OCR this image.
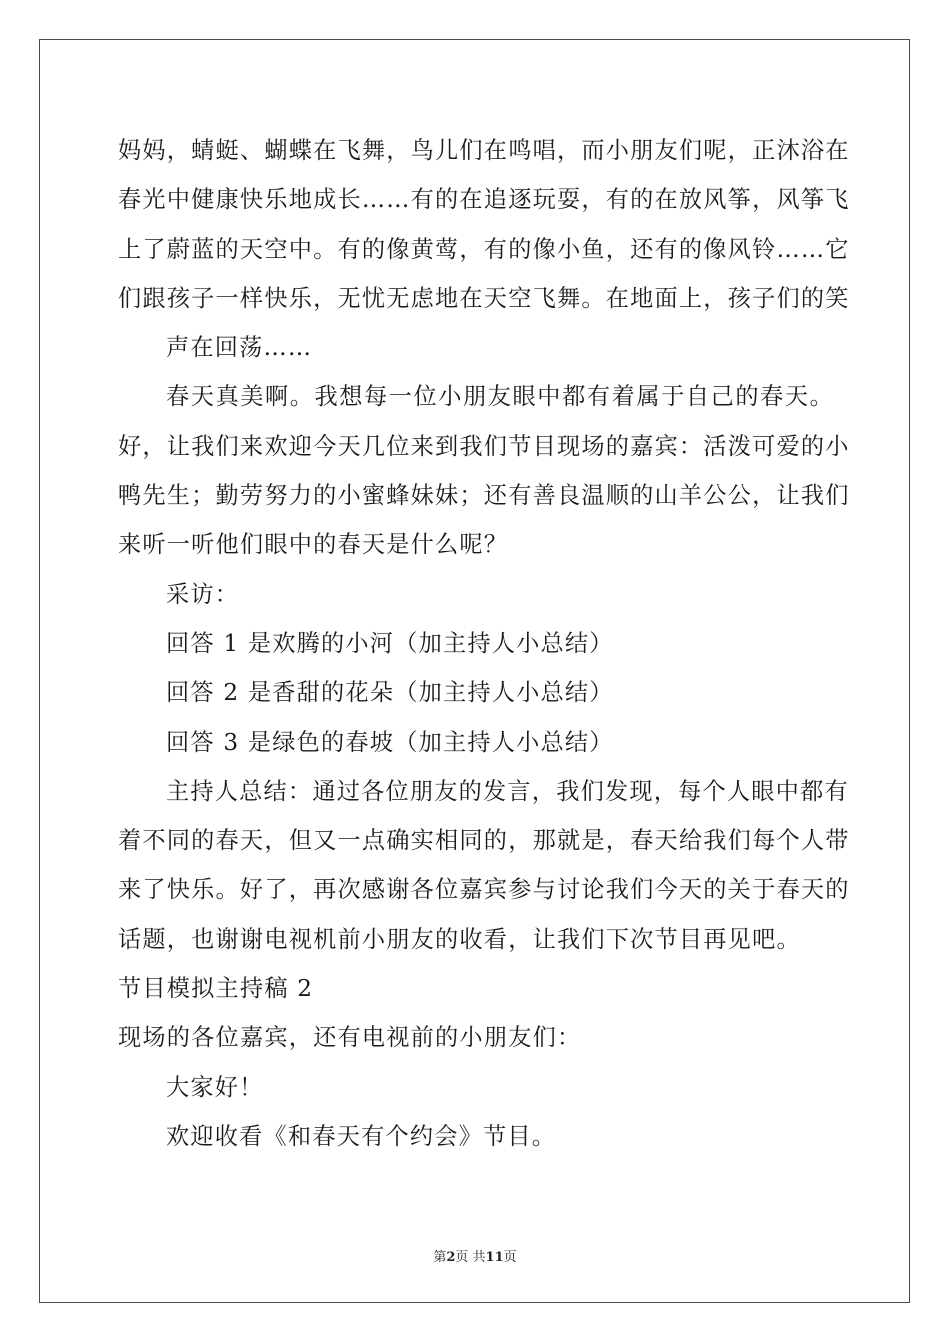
妈妈，蜻蜓、蝴蝶在飞舞，鸟儿们在鸣唱，而小朋友们呢，正沐浴在
春光中健康快乐地成长……有的在追逐玩耍，有的在放风筝，风筝飞
上了蔚蓝的天空中。有的像黄莺，有的像小鱼，还有的像风铃……它
们跟孩子一样快乐，无忧无虑地在天空飞舞。在地面上，孩子们的笑
声在回荡……
春天真美啊。我想每一位小朋友眼中都有着属于自己的春天。
好，让我们来欢迎今天几位来到我们节目现场的嘉宾：活泼可爱的小
鸭先生；勤劳努力的小蜜蜂妹妹；还有善良温顺的山羊公公，让我们
来听一听他们眼中的春天是什么呢？
采访：
回答 1 是欢腾的小河（加主持人小总结）
回答 2 是香甜的花朵（加主持人小总结）
回答 3 是绿色的春坡（加主持人小总结）
主持人总结：通过各位朋友的发言，我们发现，每个人眼中都有
着不同的春天，但又一点确实相同的，那就是，春天给我们每个人带
来了快乐。好了，再次感谢各位嘉宾参与讨论我们今天的关于春天的
话题，也谢谢电视机前小朋友的收看，让我们下次节目再见吧。
节目模拟主持稿 2
现场的各位嘉宾，还有电视前的小朋友们：
大家好！
欢迎收看《和春天有个约会》节目。
第2页 共11页
